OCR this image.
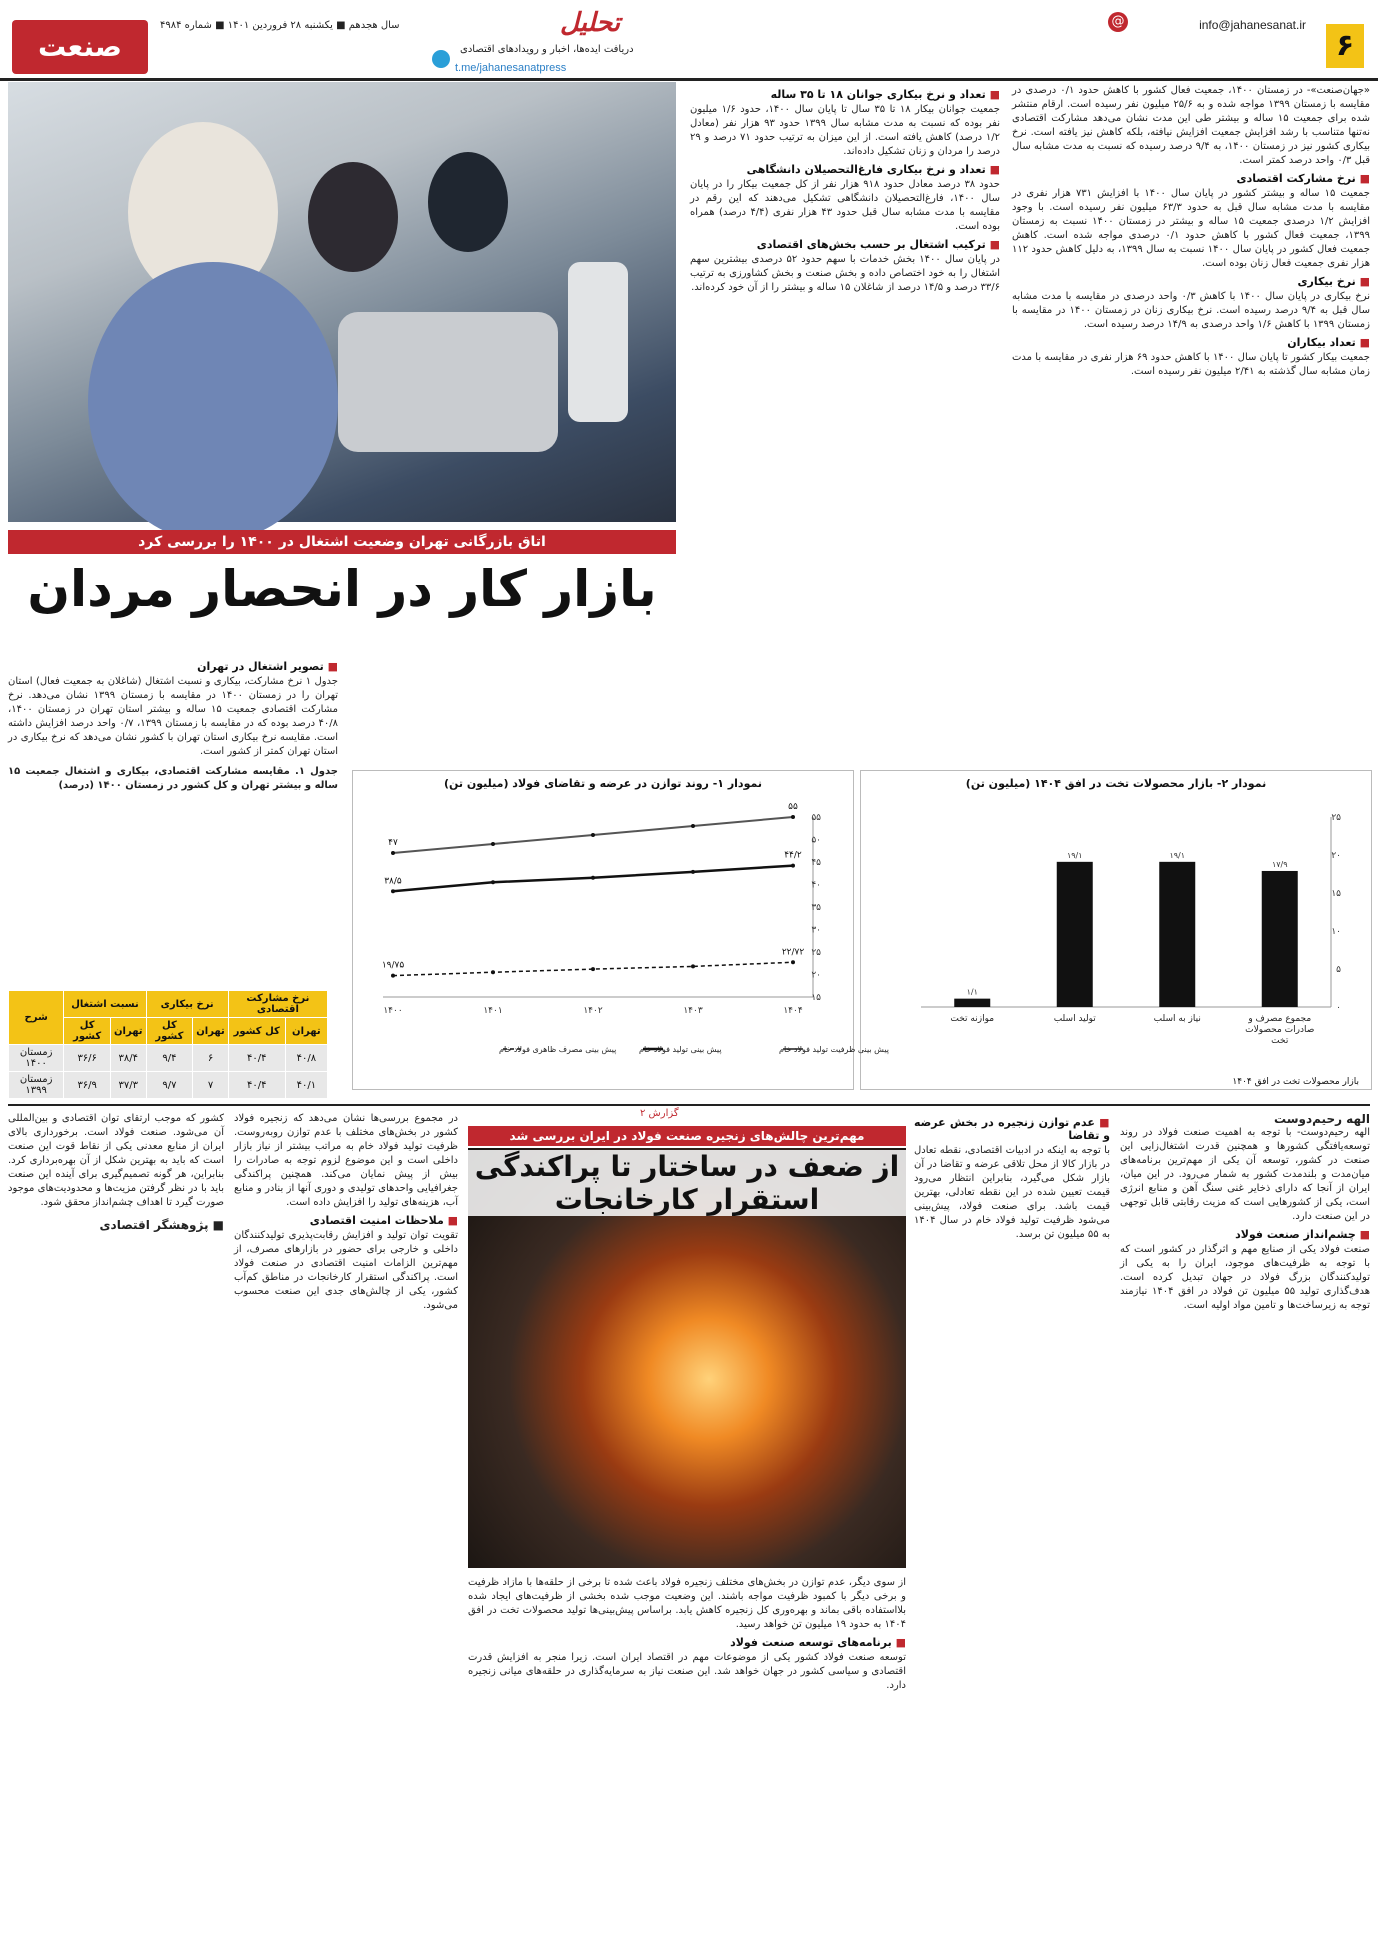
۶
@	info@jahanesanat.ir
تحلیل
صنعت
سال هجدهم ■ یکشنبه ۲۸ فروردین ۱۴۰۱ ■ شماره ۴۹۸۴
دریافت ایده‌ها، اخبار و رویدادهای اقتصادی
t.me/jahanesanatpress
اتاق بازرگانی تهران وضعیت اشتغال در ۱۴۰۰ را بررسی کرد
بازار کار در انحصار مردان
«جهان‌صنعت»- در زمستان ۱۴۰۰، جمعیت فعال کشور با کاهش حدود ۰/۱ درصدی در مقایسه با زمستان ۱۳۹۹ مواجه شده و به ۲۵/۶ میلیون نفر رسیده است. ارقام منتشر شده برای جمعیت ۱۵ ساله و بیشتر طی این مدت نشان می‌دهد مشارکت اقتصادی نه‌تنها متناسب با رشد افزایش جمعیت افزایش نیافته، بلکه کاهش نیز یافته است. نرخ بیکاری کشور نیز در زمستان ۱۴۰۰، به ۹/۴ درصد رسیده که نسبت به مدت مشابه سال قبل ۰/۳ واحد درصد کمتر است.
■ نرخ مشارکت اقتصادی
جمعیت ۱۵ ساله و بیشتر کشور در پایان سال ۱۴۰۰ با افزایش ۷۳۱ هزار نفری در مقایسه با مدت مشابه سال قبل به حدود ۶۳/۳ میلیون نفر رسیده است. با وجود افزایش ۱/۲ درصدی جمعیت ۱۵ ساله و بیشتر در زمستان ۱۴۰۰ نسبت به زمستان ۱۳۹۹، جمعیت فعال کشور با کاهش حدود ۰/۱ درصدی مواجه شده است. کاهش جمعیت فعال کشور در پایان سال ۱۴۰۰ نسبت به سال ۱۳۹۹، به دلیل کاهش حدود ۱۱۲ هزار نفری جمعیت فعال زنان بوده است.
■ نرخ بیکاری
نرخ بیکاری در پایان سال ۱۴۰۰ با کاهش ۰/۳ واحد درصدی در مقایسه با مدت مشابه سال قبل به ۹/۴ درصد رسیده است. نرخ بیکاری زنان در زمستان ۱۴۰۰ در مقایسه با زمستان ۱۳۹۹ با کاهش ۱/۶ واحد درصدی به ۱۴/۹ درصد رسیده است.
■ تعداد بیکاران
جمعیت بیکار کشور تا پایان سال ۱۴۰۰ با کاهش حدود ۶۹ هزار نفری در مقایسه با مدت زمان مشابه سال گذشته به ۲/۴۱ میلیون نفر رسیده است.
■ تعداد و نرخ بیکاری جوانان ۱۸ تا ۳۵ ساله
جمعیت جوانان بیکار ۱۸ تا ۳۵ سال تا پایان سال ۱۴۰۰، حدود ۱/۶ میلیون نفر بوده که نسبت به مدت مشابه سال ۱۳۹۹ حدود ۹۳ هزار نفر (معادل ۱/۲ درصد) کاهش یافته است. از این میزان به ترتیب حدود ۷۱ درصد و ۲۹ درصد را مردان و زنان تشکیل داده‌اند.
■ تعداد و نرخ بیکاری فارغ‌التحصیلان دانشگاهی
حدود ۳۸ درصد معادل حدود ۹۱۸ هزار نفر از کل جمعیت بیکار را در پایان سال ۱۴۰۰، فارغ‌التحصیلان دانشگاهی تشکیل می‌دهند که این رقم در مقایسه با مدت مشابه سال قبل حدود ۴۳ هزار نفری (۴/۴ درصد) همراه بوده است.
■ ترکیب اشتغال بر حسب بخش‌های اقتصادی
در پایان سال ۱۴۰۰ بخش خدمات با سهم حدود ۵۲ درصدی بیشترین سهم اشتغال را به خود اختصاص داده و بخش صنعت و بخش کشاورزی به ترتیب ۳۳/۶ درصد و ۱۴/۵ درصد از شاغلان ۱۵ ساله و بیشتر را از آن خود کرده‌اند.
■ تصویر اشتغال در تهران
جدول ۱ نرخ مشارکت، بیکاری و نسبت اشتغال (شاغلان به جمعیت فعال) استان تهران را در زمستان ۱۴۰۰ در مقایسه با زمستان ۱۳۹۹ نشان می‌دهد. نرخ مشارکت اقتصادی جمعیت ۱۵ ساله و بیشتر استان تهران در زمستان ۱۴۰۰، ۴۰/۸ درصد بوده که در مقایسه با زمستان ۱۳۹۹، ۰/۷ واحد درصد افزایش داشته است. مقایسه نرخ بیکاری استان تهران با کشور نشان می‌دهد که نرخ بیکاری در استان تهران کمتر از کشور است.
جدول ۱. مقایسه مشارکت اقتصادی، بیکاری و اشتغال جمعیت ۱۵ ساله و بیشتر تهران و کل کشور در زمستان ۱۴۰۰ (درصد)
نرخ مشارکت اقتصادی		نرخ بیکاری		نسبت اشتغال		شرح
تهران	کل کشور	تهران	کل کشور	تهران	کل کشور	
۴۰/۸	۴۰/۴	۶	۹/۴	۳۸/۴	۳۶/۶	زمستان ۱۴۰۰
۴۰/۱	۴۰/۴	۷	۹/۷	۳۷/۳	۳۶/۹	زمستان ۱۳۹۹
نمودار ۲- بازار محصولات تخت در افق ۱۴۰۴ (میلیون تن)
۰
۵
۱۰
۱۵
۲۰
۲۵
۱/۱
موازنه تخت
۱۹/۱
تولید اسلب
۱۹/۱
نیاز به اسلب
۱۷/۹
مجموع مصرف و صادرات محصولات تخت
بازار محصولات تخت در افق ۱۴۰۴
نمودار ۱- روند توازن در عرضه و تقاضای فولاد (میلیون تن)
۱۵
۲۰
۲۵
۳۰
۳۵
۴۰
۴۵
۵۰
۵۵
۱۴۰۰	۱۴۰۱	۱۴۰۲	۱۴۰۳	۱۴۰۴
۴۷
۵۵
۳۸/۵
۴۴/۲
۱۹/۷۵
۲۲/۷۲
پیش بینی ظرفیت تولید فولاد خام
پیش بینی تولید فولاد خام
پیش بینی مصرف ظاهری فولاد خام
گزارش ۲
مهم‌ترین چالش‌های زنجیره صنعت فولاد در ایران بررسی شد
از ضعف در ساختار تا پراکندگی استقرار کارخانجات
الهه رحیم‌دوست
الهه رحیم‌دوست- با توجه به اهمیت صنعت فولاد در روند توسعه‌یافتگی کشورها و همچنین قدرت اشتغال‌زایی این صنعت در کشور، توسعه آن یکی از مهم‌ترین برنامه‌های میان‌مدت و بلندمدت کشور به شمار می‌رود. در این میان، ایران از آنجا که دارای ذخایر غنی سنگ آهن و منابع انرژی است، یکی از کشورهایی است که مزیت رقابتی قابل توجهی در این صنعت دارد.
■ چشم‌انداز صنعت فولاد
صنعت فولاد یکی از صنایع مهم و اثرگذار در کشور است که با توجه به ظرفیت‌های موجود، ایران را به یکی از تولیدکنندگان بزرگ فولاد در جهان تبدیل کرده است. هدف‌گذاری تولید ۵۵ میلیون تن فولاد در افق ۱۴۰۴ نیازمند توجه به زیرساخت‌ها و تامین مواد اولیه است.
■ عدم توازن زنجیره در بخش عرضه و تقاضا
با توجه به اینکه در ادبیات اقتصادی، نقطه تعادل در بازار کالا از محل تلاقی عرضه و تقاضا در آن بازار شکل می‌گیرد، بنابراین انتظار می‌رود قیمت تعیین شده در این نقطه تعادلی، بهترین قیمت باشد. برای صنعت فولاد، پیش‌بینی می‌شود ظرفیت تولید فولاد خام در سال ۱۴۰۴ به ۵۵ میلیون تن برسد.
از سوی دیگر، عدم توازن در بخش‌های مختلف زنجیره فولاد باعث شده تا برخی از حلقه‌ها با مازاد ظرفیت و برخی دیگر با کمبود ظرفیت مواجه باشند. این وضعیت موجب شده بخشی از ظرفیت‌های ایجاد شده بلااستفاده باقی بماند و بهره‌وری کل زنجیره کاهش یابد. براساس پیش‌بینی‌ها تولید محصولات تخت در افق ۱۴۰۴ به حدود ۱۹ میلیون تن خواهد رسید.
■ برنامه‌های توسعه صنعت فولاد
توسعه صنعت فولاد کشور یکی از موضوعات مهم در اقتصاد ایران است. زیرا منجر به افزایش قدرت اقتصادی و سیاسی کشور در جهان خواهد شد. این صنعت نیاز به سرمایه‌گذاری در حلقه‌های میانی زنجیره دارد.
در مجموع بررسی‌ها نشان می‌دهد که زنجیره فولاد کشور در بخش‌های مختلف با عدم توازن روبه‌روست. ظرفیت تولید فولاد خام به مراتب بیشتر از نیاز بازار داخلی است و این موضوع لزوم توجه به صادرات را بیش از پیش نمایان می‌کند. همچنین پراکندگی جغرافیایی واحدهای تولیدی و دوری آنها از بنادر و منابع آب، هزینه‌های تولید را افزایش داده است.
■ ملاحظات امنیت اقتصادی
تقویت توان تولید و افزایش رقابت‌پذیری تولیدکنندگان داخلی و خارجی برای حضور در بازارهای مصرف، از مهم‌ترین الزامات امنیت اقتصادی در صنعت فولاد است. پراکندگی استقرار کارخانجات در مناطق کم‌آب کشور، یکی از چالش‌های جدی این صنعت محسوب می‌شود.
کشور که موجب ارتقای توان اقتصادی و بین‌المللی آن می‌شود. صنعت فولاد است. برخورداری بالای ایران از منابع معدنی یکی از نقاط قوت این صنعت است که باید به بهترین شکل از آن بهره‌برداری کرد. بنابراین، هر گونه تصمیم‌گیری برای آینده این صنعت باید با در نظر گرفتن مزیت‌ها و محدودیت‌های موجود صورت گیرد تا اهداف چشم‌انداز محقق شود.
■ پژوهشگر اقتصادی
